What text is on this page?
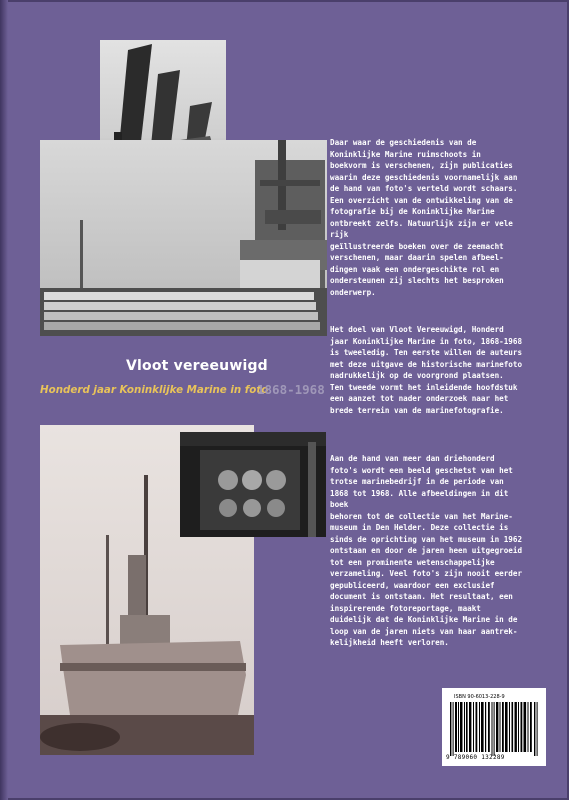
Vloot vereeuwigd
Honderd jaar Koninklijke Marine in foto
1868-1968
Daar waar de geschiedenis van de
Koninklijke Marine ruimschoots in
boekvorm is verschenen, zijn publicaties
waarin deze geschiedenis voornamelijk aan
de hand van foto's verteld wordt schaars.
Een overzicht van de ontwikkeling van de
fotografie bij de Koninklijke Marine
ontbreekt zelfs. Natuurlijk zijn er vele rijk
geïllustreerde boeken over de zeemacht
verschenen, maar daarin spelen afbeel-
dingen vaak een ondergeschikte rol en
ondersteunen zij slechts het besproken
onderwerp.
Het doel van Vloot Vereeuwigd, Honderd
jaar Koninklijke Marine in foto, 1868-1968
is tweeledig. Ten eerste willen de auteurs
met deze uitgave de historische marinefoto
nadrukkelijk op de voorgrond plaatsen.
Ten tweede vormt het inleidende hoofdstuk
een aanzet tot nader onderzoek naar het
brede terrein van de marinefotografie.
Aan de hand van meer dan driehonderd
foto's wordt een beeld geschetst van het
trotse marinebedrijf in de periode van
1868 tot 1968. Alle afbeeldingen in dit boek
behoren tot de collectie van het Marine-
museum in Den Helder. Deze collectie is
sinds de oprichting van het museum in 1962
ontstaan en door de jaren heen uitgegroeid
tot een prominente wetenschappelijke
verzameling. Veel foto's zijn nooit eerder
gepubliceerd, waardoor een exclusief
document is ontstaan. Het resultaat, een
inspirerende fotoreportage, maakt
duidelijk dat de Koninklijke Marine in de
loop van de jaren niets van haar aantrek-
kelijkheid heeft verloren.
ISBN 90-6013-228-9
9 789060 132289
